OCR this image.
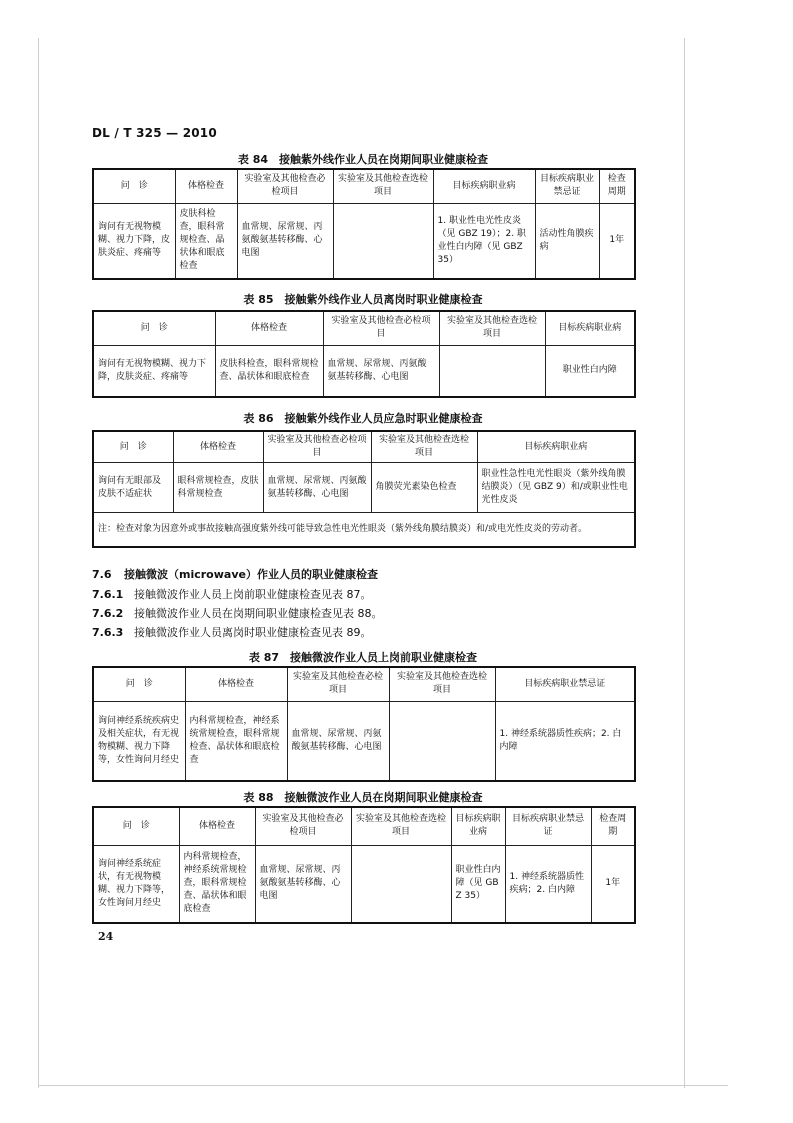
DL / T 325 — 2010
表 84　接触紫外线作业人员在岗期间职业健康检查
问　诊	体格检查	实验室及其他检查必检项目	实验室及其他检查选检项目	目标疾病职业病	目标疾病职业禁忌证	检查周期
询问有无视物模糊、视力下降，皮肤炎症、疼痛等	皮肤科检查，眼科常规检查、晶状体和眼底检查	血常规、尿常规、丙氨酸氨基转移酶、心电图		1. 职业性电光性皮炎（见 GBZ 19）；2. 职业性白内障（见 GBZ 35）	活动性角膜疾病	1年
表 85　接触紫外线作业人员离岗时职业健康检查
问　诊	体格检查	实验室及其他检查必检项目	实验室及其他检查选检项目	目标疾病职业病
询问有无视物模糊、视力下降，皮肤炎症、疼痛等	皮肤科检查，眼科常规检查、晶状体和眼底检查	血常规、尿常规、丙氨酸氨基转移酶、心电图		职业性白内障
表 86　接触紫外线作业人员应急时职业健康检查
问　诊	体格检查	实验室及其他检查必检项目	实验室及其他检查选检项目	目标疾病职业病
询问有无眼部及皮肤不适症状	眼科常规检查，皮肤科常规检查	血常规、尿常规、丙氨酸氨基转移酶、心电图	角膜荧光素染色检查	职业性急性电光性眼炎（紫外线角膜结膜炎）（见 GBZ 9）和/或职业性电光性皮炎
注：检查对象为因意外或事故接触高强度紫外线可能导致急性电光性眼炎（紫外线角膜结膜炎）和/或电光性皮炎的劳动者。				
7.6 接触微波（microwave）作业人员的职业健康检查
7.6.1 接触微波作业人员上岗前职业健康检查见表 87。
7.6.2 接触微波作业人员在岗期间职业健康检查见表 88。
7.6.3 接触微波作业人员离岗时职业健康检查见表 89。
表 87　接触微波作业人员上岗前职业健康检查
问　诊	体格检查	实验室及其他检查必检项目	实验室及其他检查选检项目	目标疾病职业禁忌证
询问神经系统疾病史及相关症状，有无视物模糊、视力下降等，女性询问月经史	内科常规检查，神经系统常规检查，眼科常规检查、晶状体和眼底检查	血常规、尿常规、丙氨酸氨基转移酶、心电图		1. 神经系统器质性疾病；2. 白内障
表 88　接触微波作业人员在岗期间职业健康检查
问　诊	体格检查	实验室及其他检查必检项目	实验室及其他检查选检项目	目标疾病职业病	目标疾病职业禁忌证	检查周期
询问神经系统症状，有无视物模糊、视力下降等，女性询问月经史	内科常规检查，神经系统常规检查，眼科常规检查、晶状体和眼底检查	血常规、尿常规、丙氨酸氨基转移酶、心电图		职业性白内障（见 GBZ 35）	1. 神经系统器质性疾病；2. 白内障	1年
24
